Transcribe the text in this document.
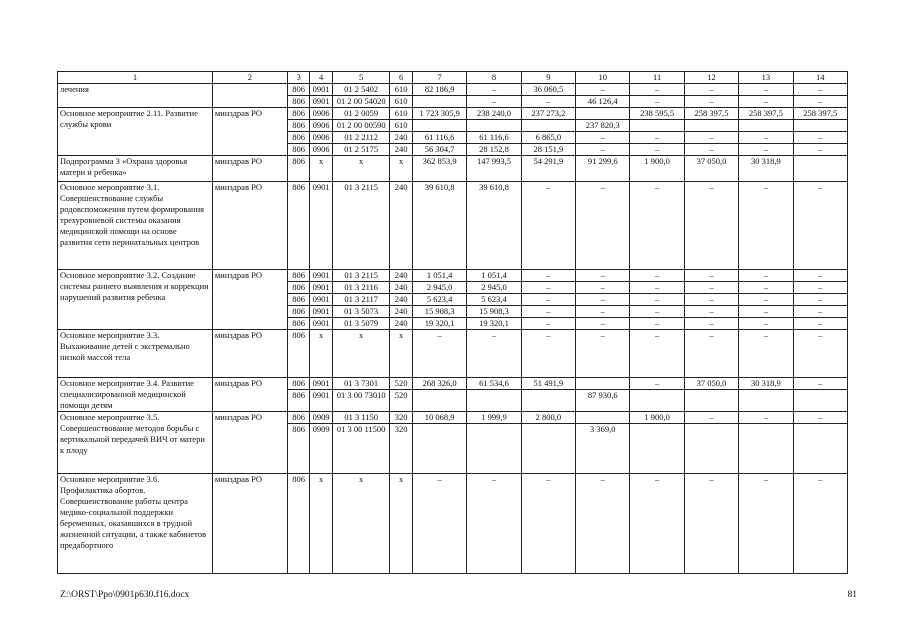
1	2	3	4	5	6	7	8	9	10	11	12	13	14
лечения		806	0901	01 2 5402	610	82 186,9	–	36 060,5	–	–	–	–	–
		806	0901	01 2 00 54020	610		–	–	46 126,4	–	–	–	–
Основное мероприятие 2.11. Развитие службы крови	минздрав РО	806	0906	01 2 0059	610	1 723 305,9	238 240,0	237 273,2		238 595,5	258 397,5	258 397,5	258 397,5
		806	0906	01 2 00 00590	610				237 820,3				
		806	0906	01 2 2112	240	61 116,6	61 116,6	6 865,0	–	–	–	–	–
		806	0906	01 2 5175	240	56 304,7	28 152,8	28 151,9	–	–	–	–	–
Подпрограмма 3 «Охрана здоровья матери и ребенка»	минздрав РО	806	х	х	х	362 853,9	147 993,5	54 291,9	91 299,6	1 900,0	37 050,0	30 318,9	
Основное мероприятие 3.1. Совершенствование службы родовспоможения путем формирования трехуровневой системы оказания медицинской помощи на основе развития сети перинатальных центров	минздрав РО	806	0901	01 3 2115	240	39 610,8	39 610,8	–	–	–	–	–	–
Основное мероприятие 3.2. Создание системы раннего выявления и коррекции нарушений развития ребенка	минздрав РО	806	0901	01 3 2115	240	1 051,4	1 051,4	–	–	–	–	–	–
		806	0901	01 3 2116	240	2 945,0	2 945,0	–	–	–	–	–	–
		806	0901	01 3 2117	240	5 623,4	5 623,4	–	–	–	–	–	–
		806	0901	01 3 5073	240	15 908,3	15 908,3	–	–	–	–	–	–
		806	0901	01 3 5079	240	19 320,1	19 320,1	–	–	–	–	–	–
Основное мероприятие 3.3. Выхаживание детей с экстремально низкой массой тела	минздрав РО	806	х	х	х	–	–	–	–	–	–	–	–
Основное мероприятие 3.4. Развитие специализированной медицинской помощи детям	минздрав РО	806	0901	01 3 7301	520	268 326,0	61 534,6	51 491,9		–	37 050,0	30 318,9	–
		806	0901	01 3 00 73010	520				87 930,6				
Основное мероприятие 3.5. Совершенствование методов борьбы с вертикальной передачей ВИЧ от матери к плоду	минздрав РО	806	0909	01 3 1150	320	10 068,9	1 999,9	2 800,0		1 900,0	–	–	–
		806	0909	01 3 00 11500	320				3 369,0				
Основное мероприятие 3.6. Профилактика абортов. Совершенствование работы центра медико-социальной поддержки беременных, оказавшихся в трудной жизненной ситуации, а также кабинетов предабортного	минздрав РО	806	х	х	х	–	–	–	–	–	–	–	–
Z:\ORST\Ppo\0901p630.f16.docx	81
